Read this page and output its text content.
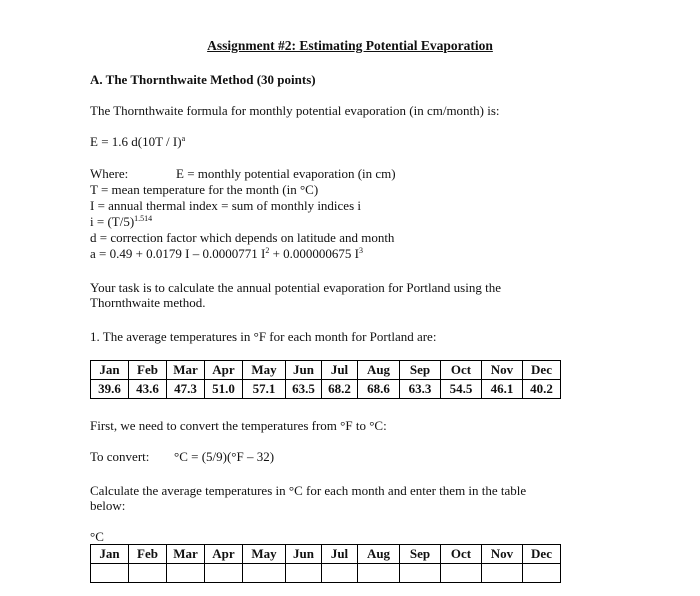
Assignment #2: Estimating Potential Evaporation
A. The Thornthwaite Method (30 points)
The Thornthwaite formula for monthly potential evaporation (in cm/month) is:
E = 1.6 d(10T / I)$^a$
Where:	E = monthly potential evaporation (in cm)
T = mean temperature for the month (in °C)
I = annual thermal index = sum of monthly indices i
$i = (T/5)^{1.514}$
d = correction factor which depends on latitude and month
a = 0.49 + 0.0179 I – 0.0000771 $I^2 + 0.000000675$ $I^3$
Your task is to calculate the annual potential evaporation for Portland using the Thornthwaite method.
1. The average temperatures in °F for each month for Portland are:
Jan	Feb	Mar	Apr	May	Jun	Jul	Aug	Sep	Oct	Nov	Dec
39.6	43.6	47.3	51.0	57.1	63.5	68.2	68.6	63.3	54.5	46.1	40.2
First, we need to convert the temperatures from °F to °C:
To convert: °C = (5/9)(°F – 32)
Calculate the average temperatures in °C for each month and enter them in the table below:
°C
Jan	Feb	Mar	Apr	May	Jun	Jul	Aug	Sep	Oct	Nov	Dec
